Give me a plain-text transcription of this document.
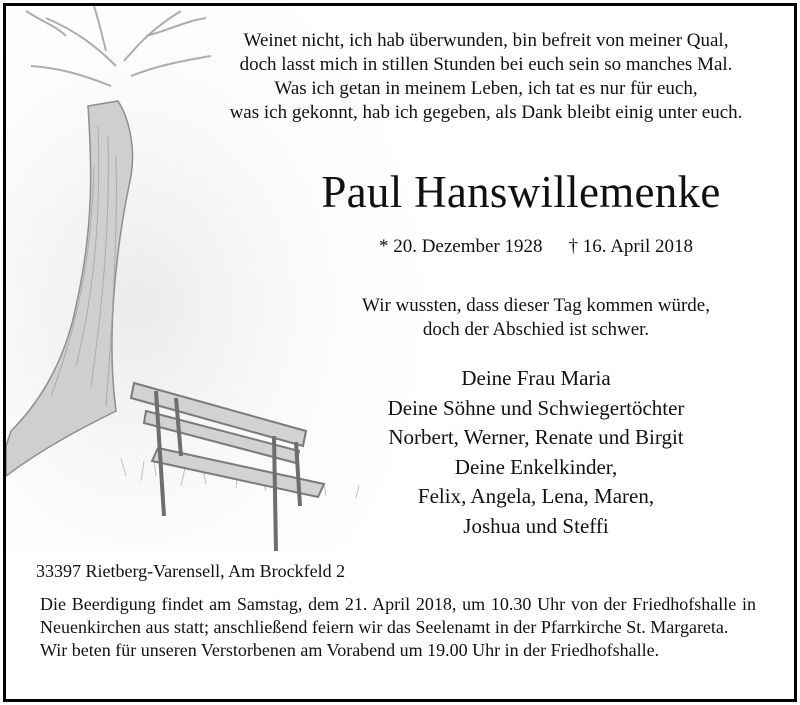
Weinet nicht, ich hab überwunden, bin befreit von meiner Qual,
doch lasst mich in stillen Stunden bei euch sein so manches Mal.
Was ich getan in meinem Leben, ich tat es nur für euch,
was ich gekonnt, hab ich gegeben, als Dank bleibt einig unter euch.
Paul Hanswillemenke
* 20. Dezember 1928 † 16. April 2018
Wir wussten, dass dieser Tag kommen würde,
doch der Abschied ist schwer.
Deine Frau Maria
Deine Söhne und Schwiegertöchter
Norbert, Werner, Renate und Birgit
Deine Enkelkinder,
Felix, Angela, Lena, Maren,
Joshua und Steffi
33397 Rietberg-Varensell, Am Brockfeld 2

Die Beerdigung findet am Samstag, dem 21. April 2018, um 10.30 Uhr von der Friedhofshalle in Neuenkirchen aus statt; anschließend feiern wir das Seelenamt in der Pfarrkirche St. Margareta.

Wir beten für unseren Verstorbenen am Vorabend um 19.00 Uhr in der Friedhofshalle.
